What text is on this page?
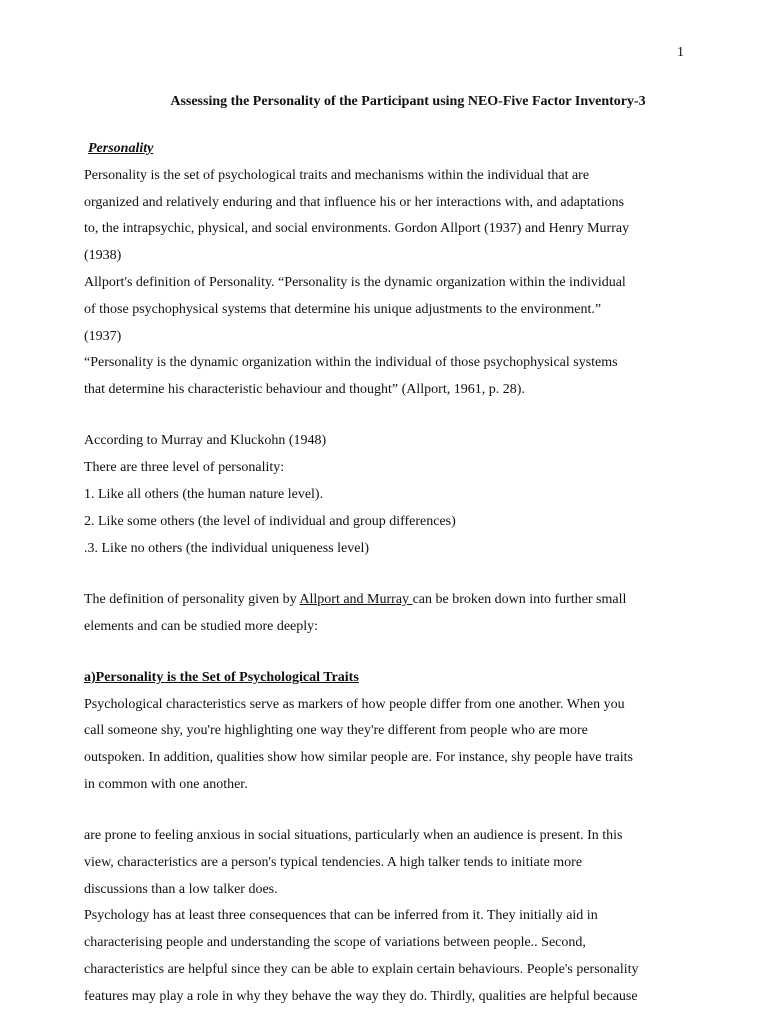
1
Assessing the Personality of the Participant using NEO-Five Factor Inventory-3
Personality
Personality is the set of psychological traits and mechanisms within the individual that are
organized and relatively enduring and that influence his or her interactions with, and adaptations
to, the intrapsychic, physical, and social environments. Gordon Allport (1937) and Henry Murray
(1938)
Allport's definition of Personality. “Personality is the dynamic organization within the individual
of those psychophysical systems that determine his unique adjustments to the environment.”
(1937)
“Personality is the dynamic organization within the individual of those psychophysical systems
that determine his characteristic behaviour and thought” (Allport, 1961, p. 28).
According to Murray and Kluckohn (1948)
There are three level of personality:
1. Like all others (the human nature level).
2. Like some others (the level of individual and group differences)
.3. Like no others (the individual uniqueness level)
The definition of personality given by Allport and Murray can be broken down into further small
elements and can be studied more deeply:
a)Personality is the Set of Psychological Traits
Psychological characteristics serve as markers of how people differ from one another. When you
call someone shy, you're highlighting one way they're different from people who are more
outspoken. In addition, qualities show how similar people are. For instance, shy people have traits
in common with one another.
are prone to feeling anxious in social situations, particularly when an audience is present. In this
view, characteristics are a person's typical tendencies. A high talker tends to initiate more
discussions than a low talker does.
Psychology has at least three consequences that can be inferred from it. They initially aid in
characterising people and understanding the scope of variations between people.. Second,
characteristics are helpful since they can be able to explain certain behaviours. People's personality
features may play a role in why they behave the way they do. Thirdly, qualities are helpful because
